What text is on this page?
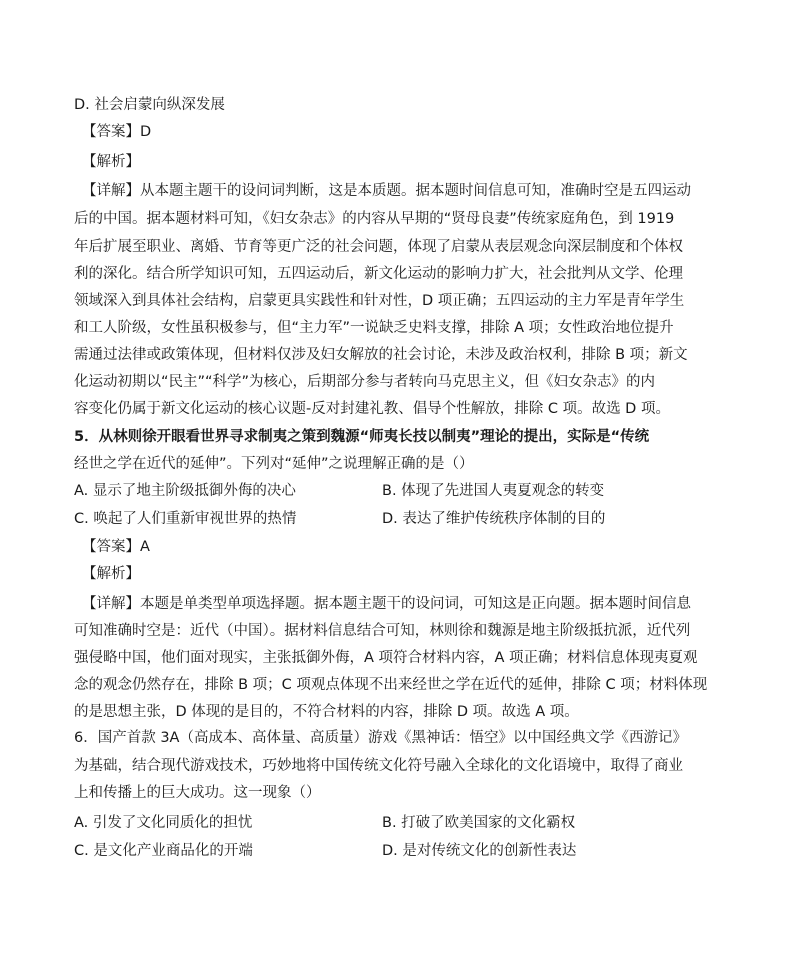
D. 社会启蒙向纵深发展
【答案】D
【解析】
【详解】从本题主题干的设问词判断，这是本质题。据本题时间信息可知，准确时空是五四运动
后的中国。据本题材料可知，《妇女杂志》的内容从早期的“贤母良妻”传统家庭角色，到 1919
年后扩展至职业、离婚、节育等更广泛的社会问题，体现了启蒙从表层观念向深层制度和个体权
利的深化。结合所学知识可知，五四运动后，新文化运动的影响力扩大，社会批判从文学、伦理
领域深入到具体社会结构，启蒙更具实践性和针对性，D 项正确；五四运动的主力军是青年学生
和工人阶级，女性虽积极参与，但“主力军”一说缺乏史料支撑，排除 A 项；女性政治地位提升
需通过法律或政策体现，但材料仅涉及妇女解放的社会讨论，未涉及政治权利，排除 B 项；新文
化运动初期以“民主”“科学”为核心，后期部分参与者转向马克思主义，但《妇女杂志》的内
容变化仍属于新文化运动的核心议题-反对封建礼教、倡导个性解放，排除 C 项。故选 D 项。
5．从林则徐开眼看世界寻求制夷之策到魏源“师夷长技以制夷”理论的提出，实际是“传统
经世之学在近代的延伸”。下列对“延伸”之说理解正确的是（）
A. 显示了地主阶级抵御外侮的决心	B. 体现了先进国人夷夏观念的转变
C. 唤起了人们重新审视世界的热情	D. 表达了维护传统秩序体制的目的
【答案】A
【解析】
【详解】本题是单类型单项选择题。据本题主题干的设问词，可知这是正向题。据本题时间信息
可知准确时空是：近代（中国）。据材料信息结合可知，林则徐和魏源是地主阶级抵抗派，近代列
强侵略中国，他们面对现实，主张抵御外侮，A 项符合材料内容，A 项正确；材料信息体现夷夏观
念的观念仍然存在，排除 B 项；C 项观点体现不出来经世之学在近代的延伸，排除 C 项；材料体现
的是思想主张，D 体现的是目的，不符合材料的内容，排除 D 项。故选 A 项。
6．国产首款 3A（高成本、高体量、高质量）游戏《黑神话：悟空》以中国经典文学《西游记》
为基础，结合现代游戏技术，巧妙地将中国传统文化符号融入全球化的文化语境中，取得了商业
上和传播上的巨大成功。这一现象（）
A. 引发了文化同质化的担忧	B. 打破了欧美国家的文化霸权
C. 是文化产业商品化的开端	D. 是对传统文化的创新性表达
